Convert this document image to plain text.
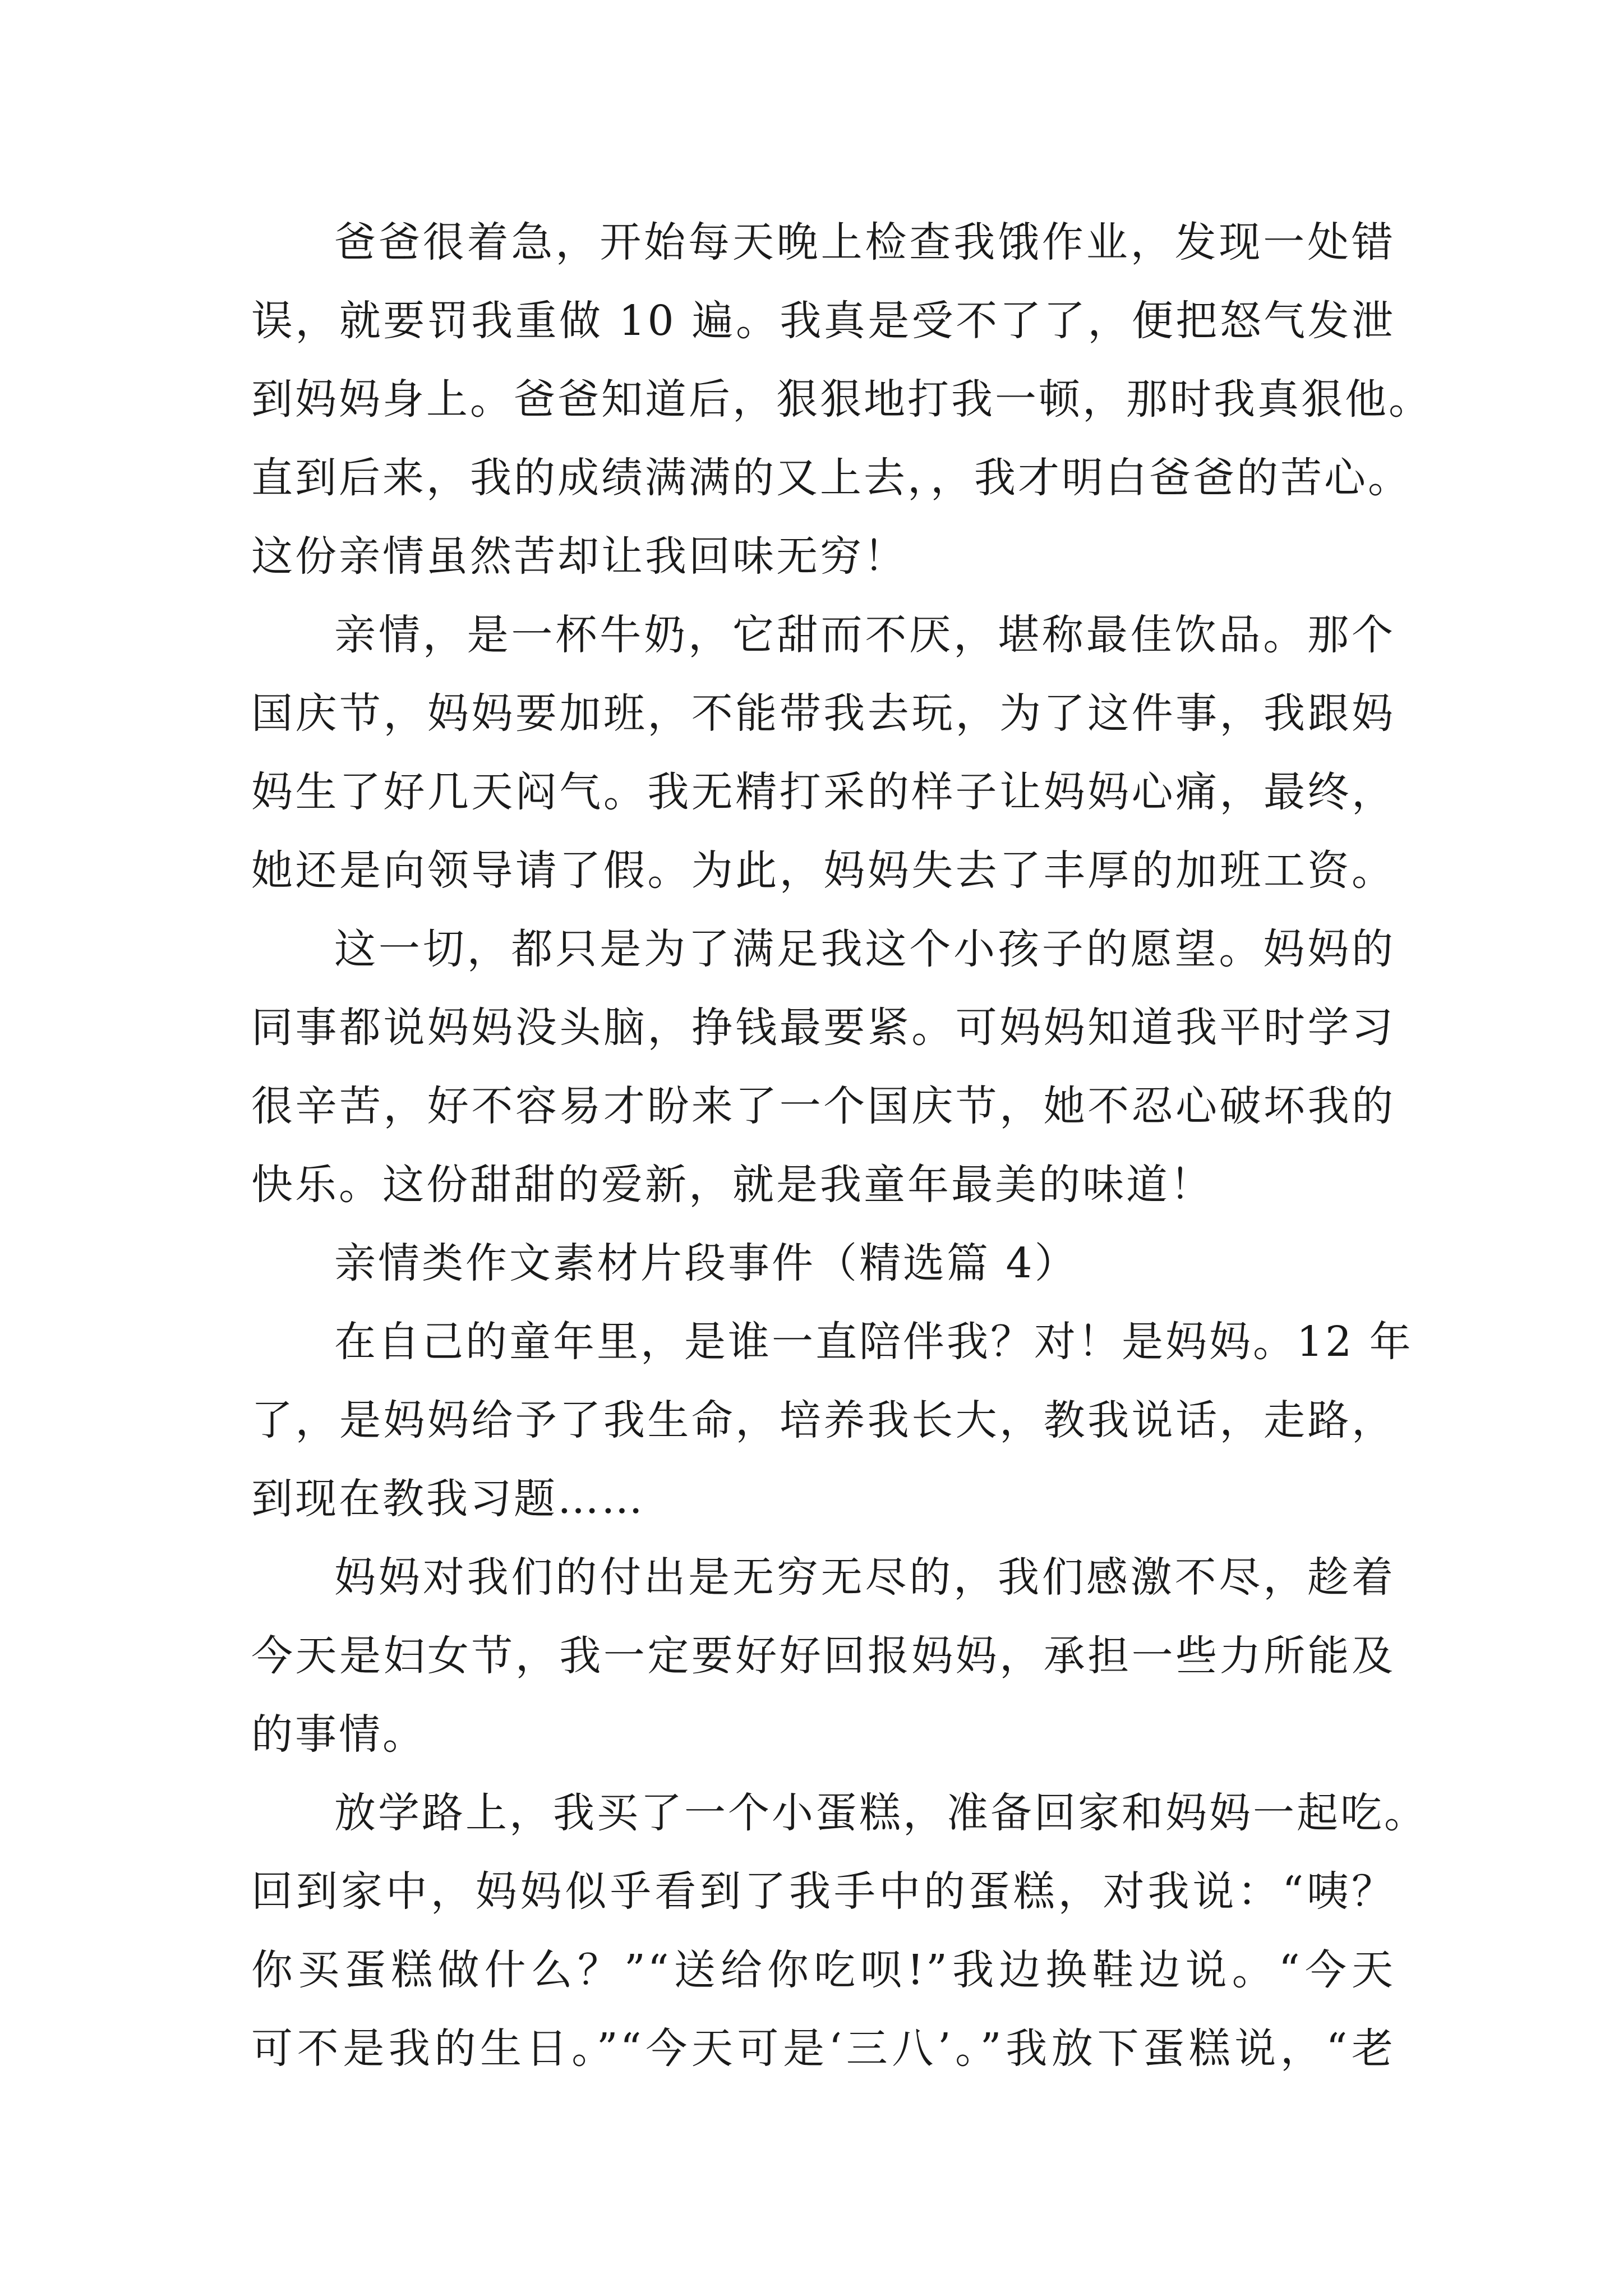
爸爸很着急，开始每天晚上检查我饿作业，发现一处错
误，就要罚我重做 10 遍。我真是受不了了，便把怒气发泄
到妈妈身上。爸爸知道后，狠狠地打我一顿，那时我真狠他。
直到后来，我的成绩满满的又上去，，我才明白爸爸的苦心。
这份亲情虽然苦却让我回味无穷！
亲情，是一杯牛奶，它甜而不厌，堪称最佳饮品。那个
国庆节，妈妈要加班，不能带我去玩，为了这件事，我跟妈
妈生了好几天闷气。我无精打采的样子让妈妈心痛，最终，
她还是向领导请了假。为此，妈妈失去了丰厚的加班工资。
这一切，都只是为了满足我这个小孩子的愿望。妈妈的
同事都说妈妈没头脑，挣钱最要紧。可妈妈知道我平时学习
很辛苦，好不容易才盼来了一个国庆节，她不忍心破坏我的
快乐。这份甜甜的爱新，就是我童年最美的味道！
亲情类作文素材片段事件（精选篇 4）
在自己的童年里，是谁一直陪伴我？对！是妈妈。12 年
了，是妈妈给予了我生命，培养我长大，教我说话，走路，
到现在教我习题……
妈妈对我们的付出是无穷无尽的，我们感激不尽，趁着
今天是妇女节，我一定要好好回报妈妈，承担一些力所能及
的事情。
放学路上，我买了一个小蛋糕，准备回家和妈妈一起吃。
回到家中，妈妈似乎看到了我手中的蛋糕，对我说：“咦？
你买蛋糕做什么？”“送给你吃呗!”我边换鞋边说。“今天
可不是我的生日。”“今天可是‘三八’。”我放下蛋糕说，“老
